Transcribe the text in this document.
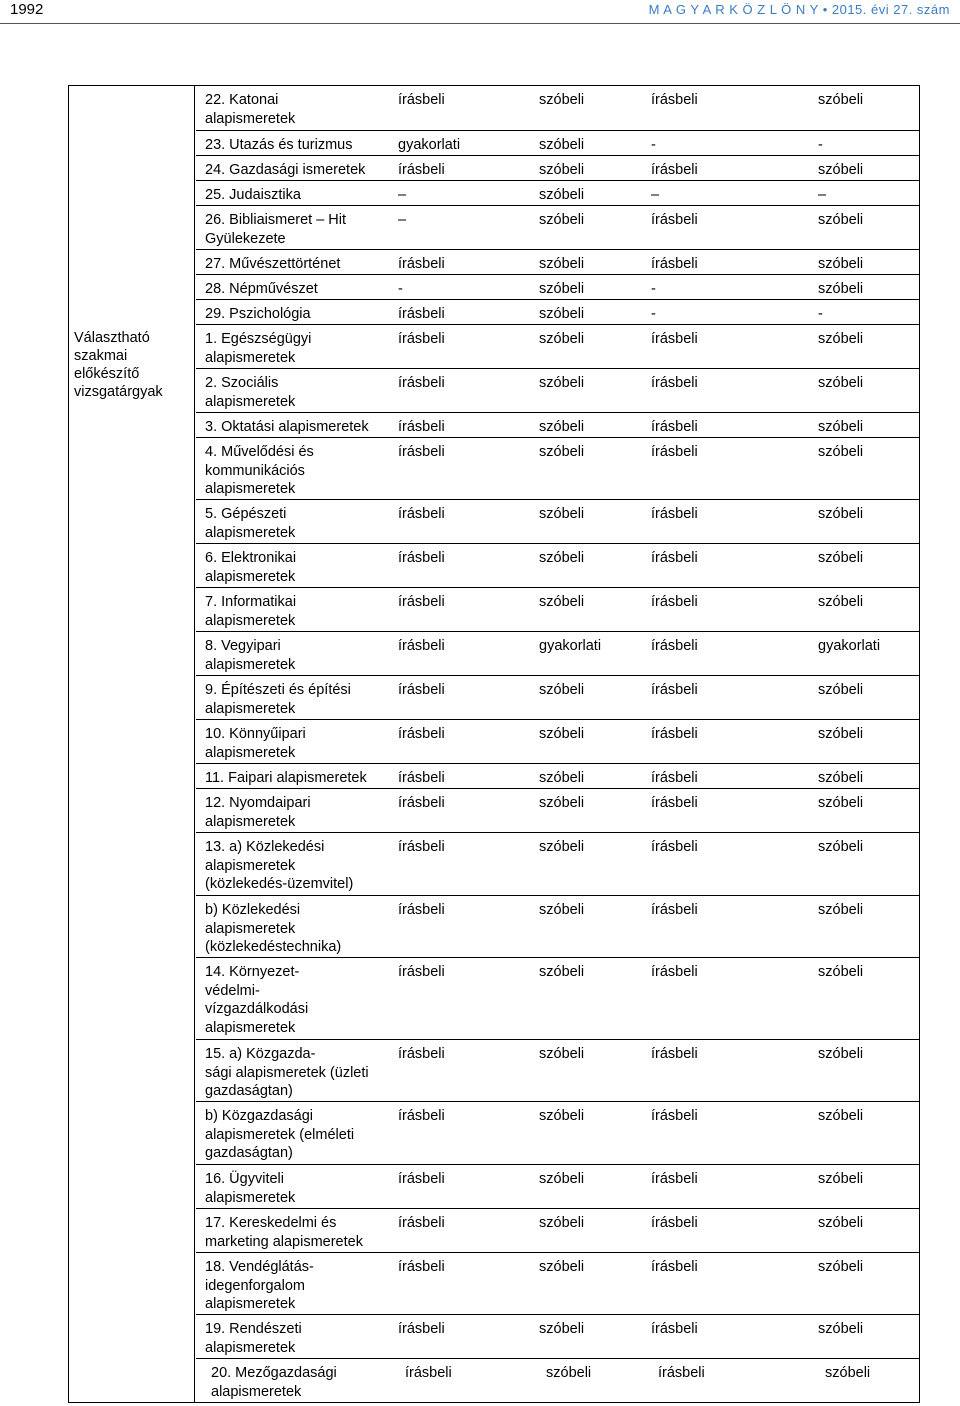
1992	M A G Y A R K Ö Z L Ö N Y • 2015. évi 27. szám
Választható
szakmai
előkészítő
vizsgatárgyak
22. Katonai
alapismeretek
írásbeli	szóbeli	írásbeli	szóbeli
23. Utazás és turizmus	gyakorlati	szóbeli	-	-
24. Gazdasági ismeretek	írásbeli	szóbeli	írásbeli	szóbeli
25. Judaisztika	–	szóbeli	–	–
26. Bibliaismeret – Hit
Gyülekezete
–	szóbeli	írásbeli	szóbeli
27. Művészettörténet	írásbeli	szóbeli	írásbeli	szóbeli
28. Népművészet	-	szóbeli	-	szóbeli
29. Pszichológia	írásbeli	szóbeli	-	-
1. Egészségügyi
alapismeretek
írásbeli	szóbeli	írásbeli	szóbeli
2. Szociális
alapismeretek
írásbeli	szóbeli	írásbeli	szóbeli
3. Oktatási alapismeretek	írásbeli	szóbeli	írásbeli	szóbeli
4. Művelődési és
kommunikációs
alapismeretek
írásbeli	szóbeli	írásbeli	szóbeli
5. Gépészeti
alapismeretek
írásbeli	szóbeli	írásbeli	szóbeli
6. Elektronikai
alapismeretek
írásbeli	szóbeli	írásbeli	szóbeli
7. Informatikai
alapismeretek
írásbeli	szóbeli	írásbeli	szóbeli
8. Vegyipari
alapismeretek
írásbeli	gyakorlati	írásbeli	gyakorlati
9. Építészeti és építési
alapismeretek
írásbeli	szóbeli	írásbeli	szóbeli
10. Könnyűipari
alapismeretek
írásbeli	szóbeli	írásbeli	szóbeli
11. Faipari alapismeretek	írásbeli	szóbeli	írásbeli	szóbeli
12. Nyomdaipari
alapismeretek
írásbeli	szóbeli	írásbeli	szóbeli
13. a) Közlekedési
alapismeretek
(közlekedés-üzemvitel)
írásbeli	szóbeli	írásbeli	szóbeli
b) Közlekedési
alapismeretek
(közlekedéstechnika)
írásbeli	szóbeli	írásbeli	szóbeli
14. Környezet-
védelmi-
vízgazdálkodási
alapismeretek
írásbeli	szóbeli	írásbeli	szóbeli
15. a) Közgazda-
sági alapismeretek (üzleti
gazdaságtan)
írásbeli	szóbeli	írásbeli	szóbeli
b) Közgazdasági
alapismeretek (elméleti
gazdaságtan)
írásbeli	szóbeli	írásbeli	szóbeli
16. Ügyviteli
alapismeretek
írásbeli	szóbeli	írásbeli	szóbeli
17. Kereskedelmi és
marketing alapismeretek
írásbeli	szóbeli	írásbeli	szóbeli
18. Vendéglátás-
idegenforgalom
alapismeretek
írásbeli	szóbeli	írásbeli	szóbeli
19. Rendészeti
alapismeretek
írásbeli	szóbeli	írásbeli	szóbeli
20. Mezőgazdasági
alapismeretek
írásbeli	szóbeli	írásbeli	szóbeli
